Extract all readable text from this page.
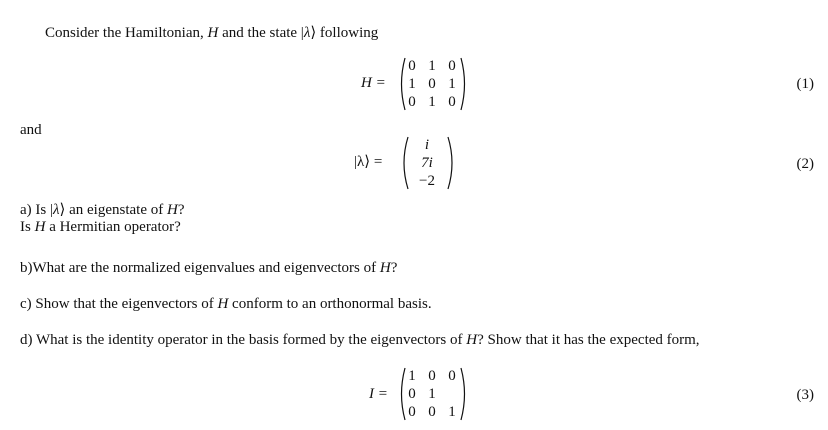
Consider the Hamiltonian, H and the state |λ⟩ following
H =
0 1 0
1 0 1
0 1 0
(1)
and
|λ⟩ =
i
7i
−2
(2)
a) Is |λ⟩ an eigenstate of H?
Is H a Hermitian operator?
b)What are the normalized eigenvalues and eigenvectors of H?
c) Show that the eigenvectors of H conform to an orthonormal basis.
d) What is the identity operator in the basis formed by the eigenvectors of H? Show that it has the expected form,
I =
1 0 0
0 1
0 0 1
(3)
